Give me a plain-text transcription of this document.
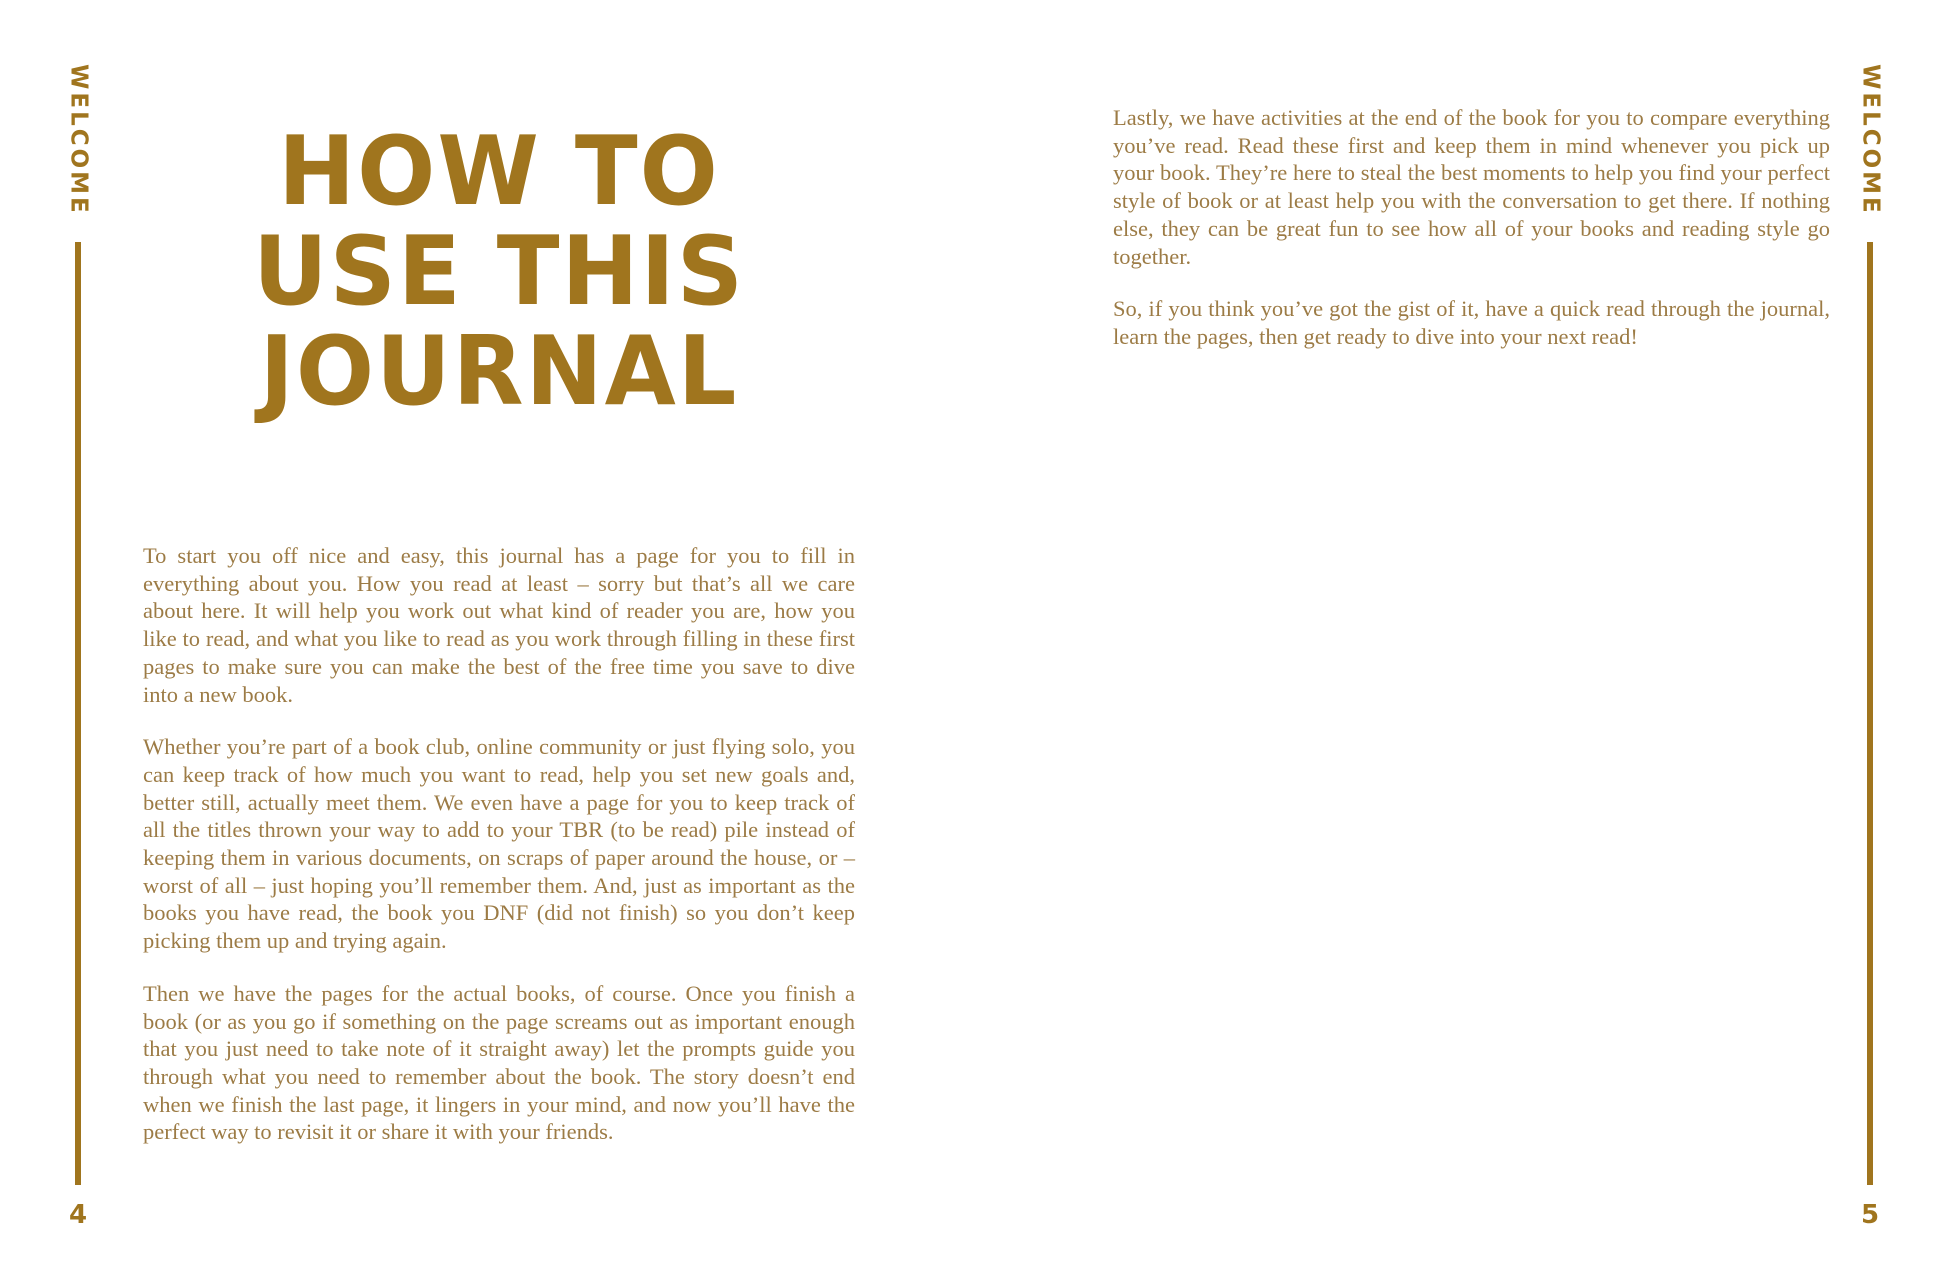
WELCOME
4
HOW TO
USE THIS
JOURNAL

To start you off nice and easy, this journal has a page for you to fill in everything about you. How you read at least – sorry but that’s all we care about here. It will help you work out what kind of reader you are, how you like to read, and what you like to read as you work through filling in these first pages to make sure you can make the best of the free time you save to dive into a new book.

Whether you’re part of a book club, online community or just flying solo, you can keep track of how much you want to read, help you set new goals and, better still, actually meet them. We even have a page for you to keep track of all the titles thrown your way to add to your TBR (to be read) pile instead of keeping them in various documents, on scraps of paper around the house, or – worst of all – just hoping you’ll remember them. And, just as important as the books you have read, the book you DNF (did not finish) so you don’t keep picking them up and trying again.

Then we have the pages for the actual books, of course. Once you finish a book (or as you go if something on the page screams out as important enough that you just need to take note of it straight away) let the prompts guide you through what you need to remember about the book. The story doesn’t end when we finish the last page, it lingers in your mind, and now you’ll have the perfect way to revisit it or share it with your friends.

Lastly, we have activities at the end of the book for you to compare everything you’ve read. Read these first and keep them in mind whenever you pick up your book. They’re here to steal the best moments to help you find your perfect style of book or at least help you with the conversation to get there. If nothing else, they can be great fun to see how all of your books and reading style go together.

So, if you think you’ve got the gist of it, have a quick read through the journal, learn the pages, then get ready to dive into your next read!

WELCOME
5
